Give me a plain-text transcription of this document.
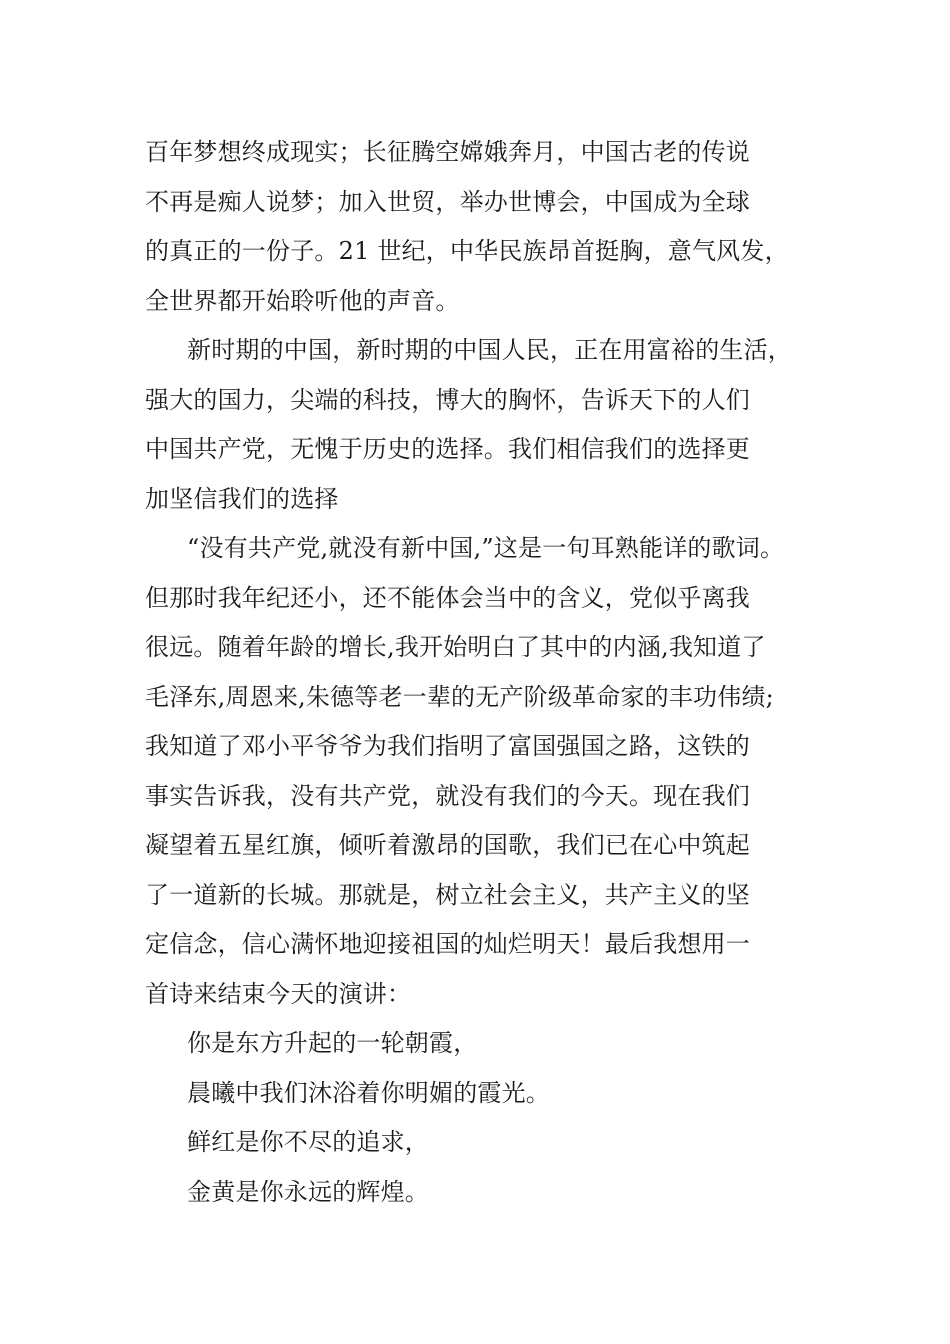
百年梦想终成现实；长征腾空嫦娥奔月，中国古老的传说
不再是痴人说梦；加入世贸，举办世博会，中国成为全球
的真正的一份子。21 世纪，中华民族昂首挺胸，意气风发，
全世界都开始聆听他的声音。
新时期的中国，新时期的中国人民，正在用富裕的生活，
强大的国力，尖端的科技，博大的胸怀，告诉天下的人们
中国共产党，无愧于历史的选择。我们相信我们的选择更
加坚信我们的选择
“没有共产党,就没有新中国,”这是一句耳熟能详的歌词。
但那时我年纪还小，还不能体会当中的含义，党似乎离我
很远。随着年龄的增长,我开始明白了其中的内涵,我知道了
毛泽东,周恩来,朱德等老一辈的无产阶级革命家的丰功伟绩;
我知道了邓小平爷爷为我们指明了富国强国之路，这铁的
事实告诉我，没有共产党，就没有我们的今天。现在我们
凝望着五星红旗，倾听着激昂的国歌，我们已在心中筑起
了一道新的长城。那就是，树立社会主义，共产主义的坚
定信念，信心满怀地迎接祖国的灿烂明天！最后我想用一
首诗来结束今天的演讲：
你是东方升起的一轮朝霞，
晨曦中我们沐浴着你明媚的霞光。
鲜红是你不尽的追求，
金黄是你永远的辉煌。
